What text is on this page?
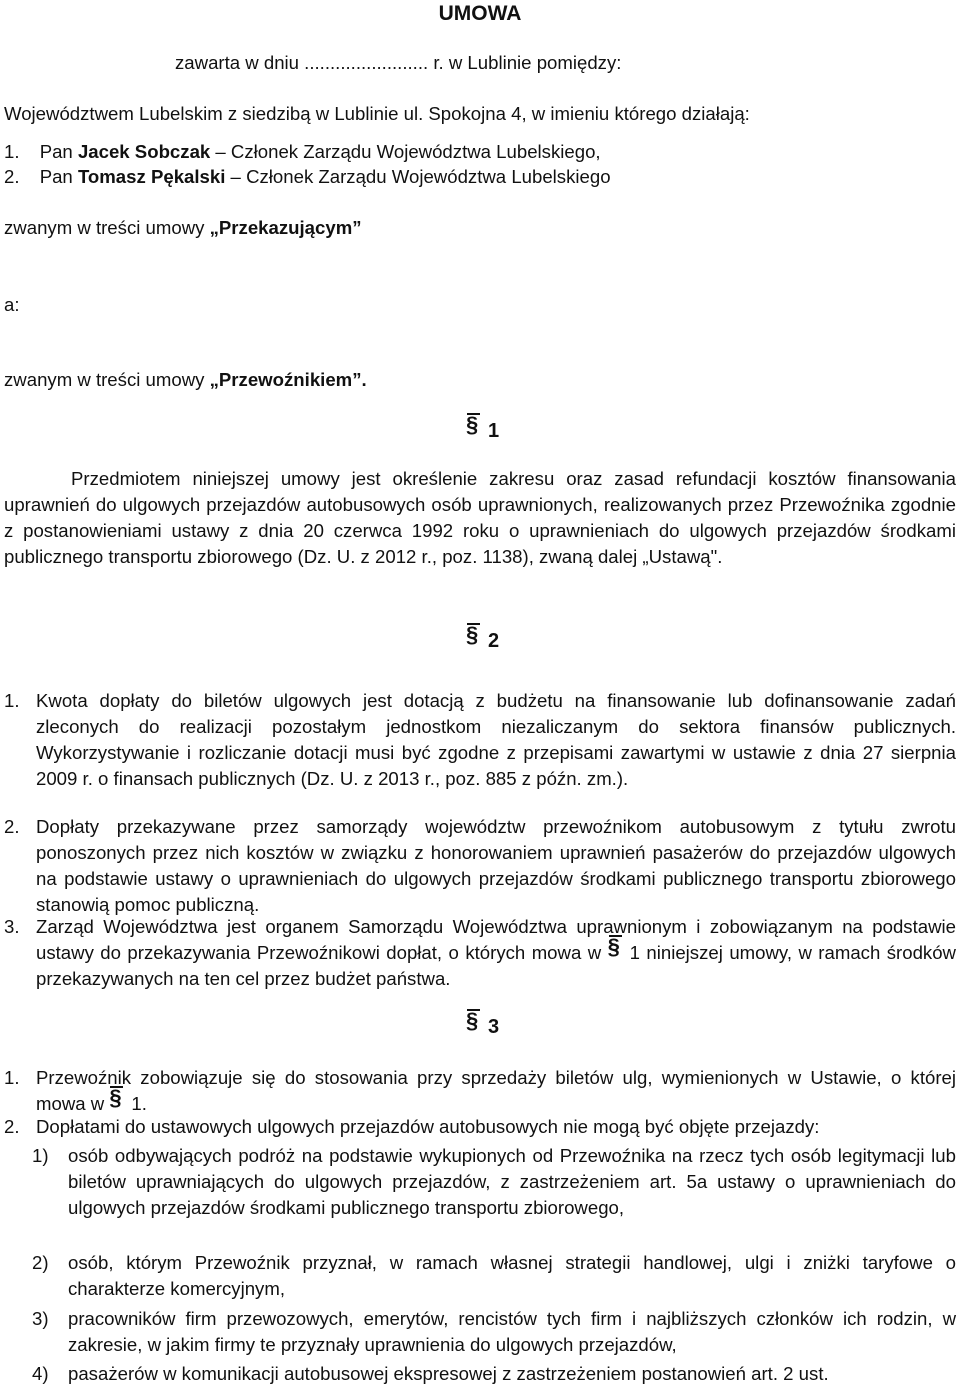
UMOWA
zawarta w dniu ........................ r. w Lublinie pomiędzy:
Województwem Lubelskim z siedzibą w Lublinie ul. Spokojna 4, w imieniu którego działają:
1. Pan Jacek Sobczak – Członek Zarządu Województwa Lubelskiego,
2. Pan Tomasz Pękalski – Członek Zarządu Województwa Lubelskiego
zwanym w treści umowy „Przekazującym”
a:
zwanym w treści umowy „Przewoźnikiem”.
§1

Przedmiotem niniejszej umowy jest określenie zakresu oraz zasad refundacji kosztów finansowania uprawnień do ulgowych przejazdów autobusowych osób uprawnionych, realizowanych przez Przewoźnika zgodnie z postanowieniami ustawy z dnia 20 czerwca 1992 roku o uprawnieniach do ulgowych przejazdów środkami publicznego transportu zbiorowego (Dz. U. z 2012 r., poz. 1138), zwaną dalej „Ustawą".

§2
1. Kwota dopłaty do biletów ulgowych jest dotacją z budżetu na finansowanie lub dofinansowanie zadań zleconych do realizacji pozostałym jednostkom niezaliczanym do sektora finansów publicznych. Wykorzystywanie i rozliczanie dotacji musi być zgodne z przepisami zawartymi w ustawie z dnia 27 sierpnia 2009 r. o finansach publicznych (Dz. U. z 2013 r., poz. 885 z późn. zm.).

2. Dopłaty przekazywane przez samorządy województw przewoźnikom autobusowym z tytułu zwrotu ponoszonych przez nich kosztów w związku z honorowaniem uprawnień pasażerów do przejazdów ulgowych na podstawie ustawy o uprawnieniach do ulgowych przejazdów środkami publicznego transportu zbiorowego stanowią pomoc publiczną.

3. Zarząd Województwa jest organem Samorządu Województwa uprawnionym i zobowiązanym na podstawie ustawy do przekazywania Przewoźnikowi dopłat, o których mowa w §1 niniejszej umowy, w ramach środków przekazywanych na ten cel przez budżet państwa.

§3
1. Przewoźnik zobowiązuje się do stosowania przy sprzedaży biletów ulg, wymienionych w Ustawie, o której mowa w §1.

2. Dopłatami do ustawowych ulgowych przejazdów autobusowych nie mogą być objęte przejazdy:

1) osób odbywających podróż na podstawie wykupionych od Przewoźnika na rzecz tych osób legitymacji lub biletów uprawniających do ulgowych przejazdów, z zastrzeżeniem art. 5a ustawy o uprawnieniach do ulgowych przejazdów środkami publicznego transportu zbiorowego,

2) osób, którym Przewoźnik przyznał, w ramach własnej strategii handlowej, ulgi i zniżki taryfowe o charakterze komercyjnym,

3) pracowników firm przewozowych, emerytów, rencistów tych firm i najbliższych członków ich rodzin, w zakresie, w jakim firmy te przyznały uprawnienia do ulgowych przejazdów,

4) pasażerów w komunikacji autobusowej ekspresowej z zastrzeżeniem postanowień art. 2 ust.
